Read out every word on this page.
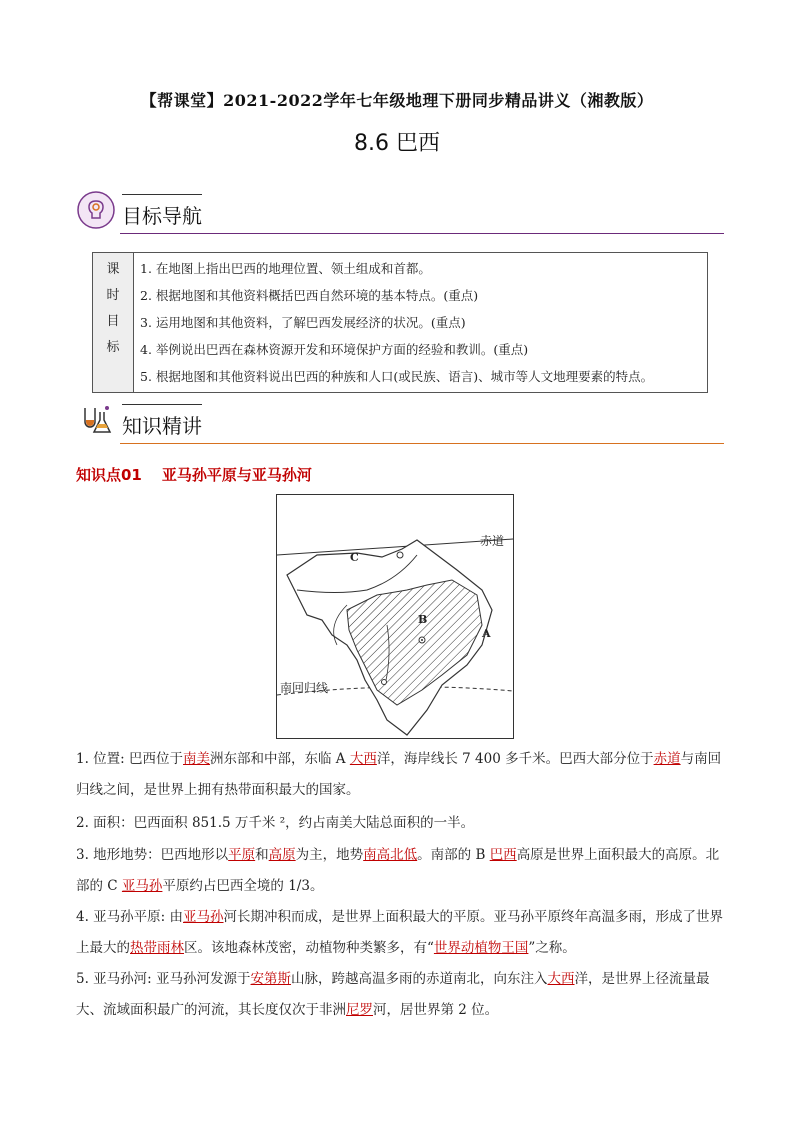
【帮课堂】2021-2022学年七年级地理下册同步精品讲义（湘教版）
8.6 巴西
目标导航
课
时
目
标

1. 在地图上指出巴西的地理位置、领土组成和首都。
2. 根据地图和其他资料概括巴西自然环境的基本特点。(重点)
3. 运用地图和其他资料，了解巴西发展经济的状况。(重点)
4. 举例说出巴西在森林资源开发和环境保护方面的经验和教训。(重点)
5. 根据地图和其他资料说出巴西的种族和人口(或民族、语言)、城市等人文地理要素的特点。
知识精讲
知识点01 亚马孙平原与亚马孙河
赤道
南回归线
C
B
A
1. 位置: 巴西位于南美洲东部和中部，东临 A 大西洋，海岸线长 7 400 多千米。巴西大部分位于赤道与南回归线之间，是世界上拥有热带面积最大的国家。
2. 面积：巴西面积 851.5 万千米 ²，约占南美大陆总面积的一半。
3. 地形地势：巴西地形以平原和高原为主，地势南高北低。南部的 B 巴西高原是世界上面积最大的高原。北部的 C 亚马孙平原约占巴西全境的 1/3。
4. 亚马孙平原: 由亚马孙河长期冲积而成，是世界上面积最大的平原。亚马孙平原终年高温多雨，形成了世界上最大的热带雨林区。该地森林茂密，动植物种类繁多，有“世界动植物王国”之称。
5. 亚马孙河: 亚马孙河发源于安第斯山脉，跨越高温多雨的赤道南北，向东注入大西洋，是世界上径流量最大、流域面积最广的河流，其长度仅次于非洲尼罗河，居世界第 2 位。
